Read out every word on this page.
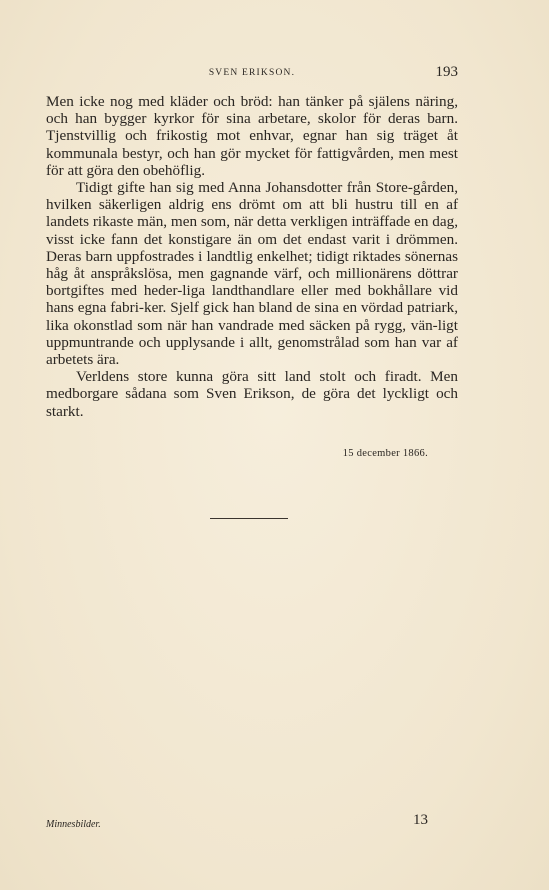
SVEN ERIKSON.	193

Men icke nog med kläder och bröd: han tänker på själens näring, och han bygger kyrkor för sina arbetare, skolor för deras barn. Tjenstvillig och frikostig mot enhvar, egnar han sig träget åt kommunala bestyr, och han gör mycket för fattigvården, men mest för att göra den obehöflig.

Tidigt gifte han sig med Anna Johansdotter från Store-gården, hvilken säkerligen aldrig ens drömt om att bli hustru till en af landets rikaste män, men som, när detta verkligen inträffade en dag, visst icke fann det konstigare än om det endast varit i drömmen. Deras barn uppfostrades i landtlig enkelhet; tidigt riktades sönernas håg åt anspråkslösa, men gagnande värf, och millionärens döttrar bortgiftes med heder-liga landthandlare eller med bokhållare vid hans egna fabri-ker. Sjelf gick han bland de sina en vördad patriark, lika okonstlad som när han vandrade med säcken på rygg, vän-ligt uppmuntrande och upplysande i allt, genomstrålad som han var af arbetets ära.

Verldens store kunna göra sitt land stolt och firadt. Men medborgare sådana som Sven Erikson, de göra det lyckligt och starkt.

15 december 1866.
Minnesbilder.	13
